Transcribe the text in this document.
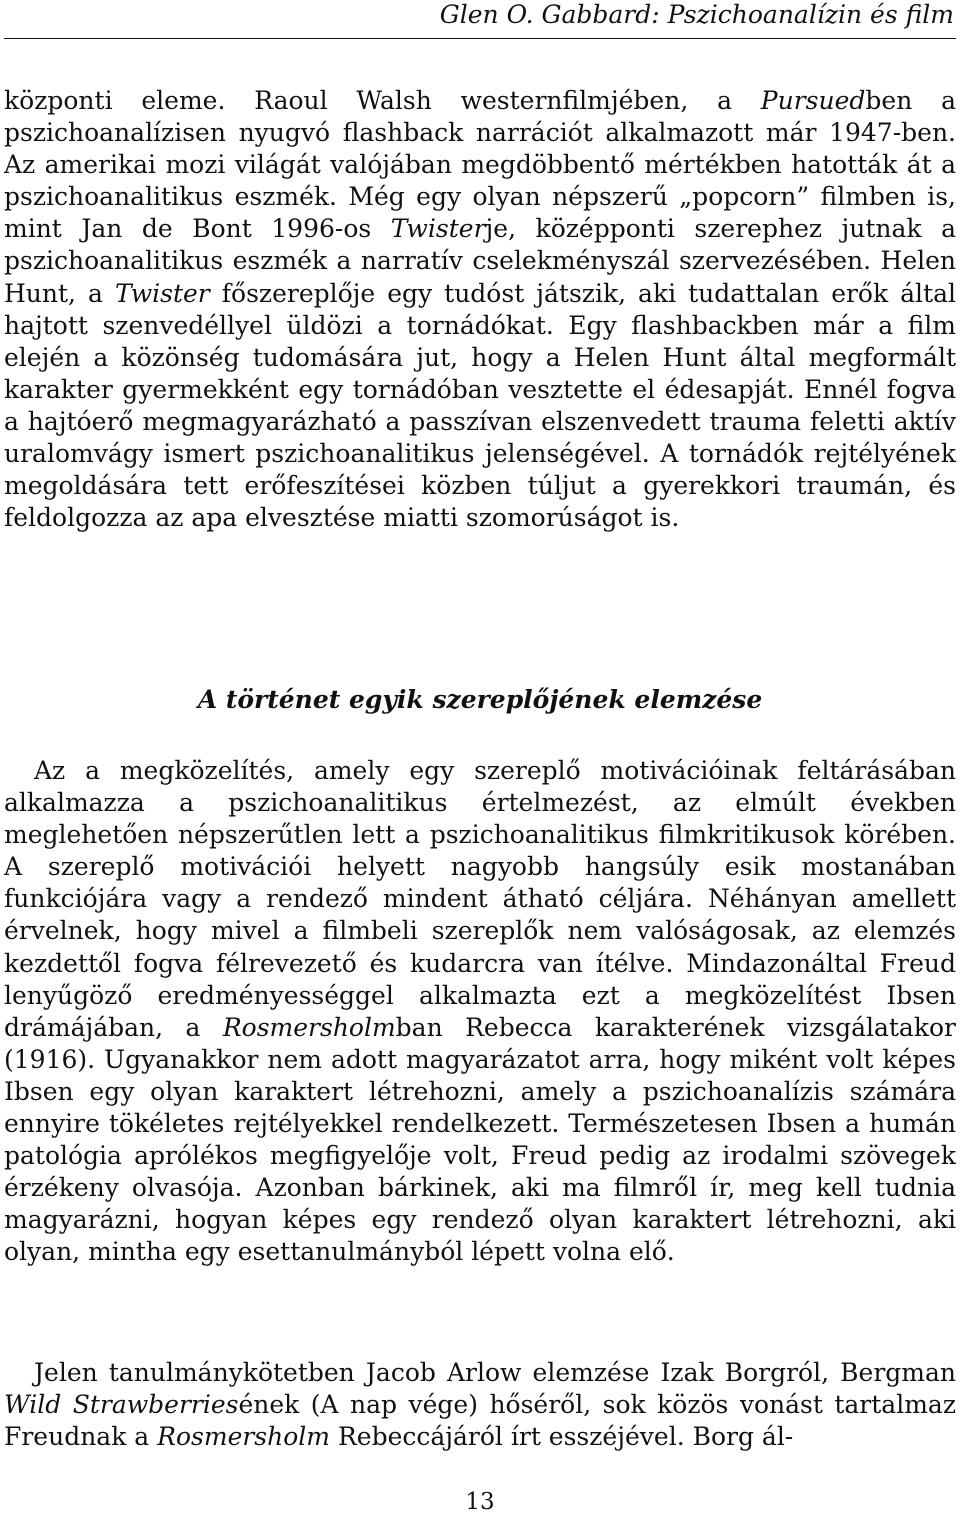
Glen O. Gabbard: Pszichoanalízin és film

központi eleme. Raoul Walsh westernfilmjében, a Pursuedben a pszichoanalízisen nyugvó flashback narrációt alkalmazott már 1947-ben. Az amerikai mozi világát valójában megdöbbentő mértékben hatották át a pszichoanalitikus eszmék. Még egy olyan népszerű „popcorn” filmben is, mint Jan de Bont 1996-os Twisterje, középponti szerephez jutnak a pszichoanalitikus eszmék a narratív cselekményszál szervezésében. Helen Hunt, a Twister főszereplője egy tudóst játszik, aki tudattalan erők által hajtott szenvedéllyel üldözi a tornádókat. Egy flashbackben már a film elején a közönség tudomására jut, hogy a Helen Hunt által megformált karakter gyermekként egy tornádóban vesztette el édesapját. Ennél fogva a hajtóerő megmagyarázható a passzívan elszenvedett trauma feletti aktív uralomvágy ismert pszichoanalitikus jelenségével. A tornádók rejtélyének megoldására tett erőfeszítései közben túljut a gyerekkori traumán, és feldolgozza az apa elvesztése miatti szomorúságot is.

A történet egyik szereplőjének elemzése

Az a megközelítés, amely egy szereplő motivációinak feltárásában alkalmazza a pszichoanalitikus értelmezést, az elmúlt években meglehetően népszerűtlen lett a pszichoanalitikus filmkritikusok körében. A szereplő motivációi helyett nagyobb hangsúly esik mostanában funkciójára vagy a rendező mindent átható céljára. Néhányan amellett érvelnek, hogy mivel a filmbeli szereplők nem valóságosak, az elemzés kezdettől fogva félrevezető és kudarcra van ítélve. Mindazonáltal Freud lenyűgöző eredményességgel alkalmazta ezt a megközelítést Ibsen drámájában, a Rosmersholmban Rebecca karakterének vizsgálatakor (1916). Ugyanakkor nem adott magyarázatot arra, hogy miként volt képes Ibsen egy olyan karaktert létrehozni, amely a pszichoanalízis számára ennyire tökéletes rejtélyekkel rendelkezett. Természetesen Ibsen a humán patológia aprólékos megfigyelője volt, Freud pedig az irodalmi szövegek érzékeny olvasója. Azonban bárkinek, aki ma filmről ír, meg kell tudnia magyarázni, hogyan képes egy rendező olyan karaktert létrehozni, aki olyan, mintha egy esettanulmányból lépett volna elő.

Jelen tanulmánykötetben Jacob Arlow elemzése Izak Borgról, Bergman Wild Strawberriesének (A nap vége) hőséről, sok közös vonást tartalmaz Freudnak a Rosmersholm Rebeccájáról írt esszéjével. Borg ál-

13
